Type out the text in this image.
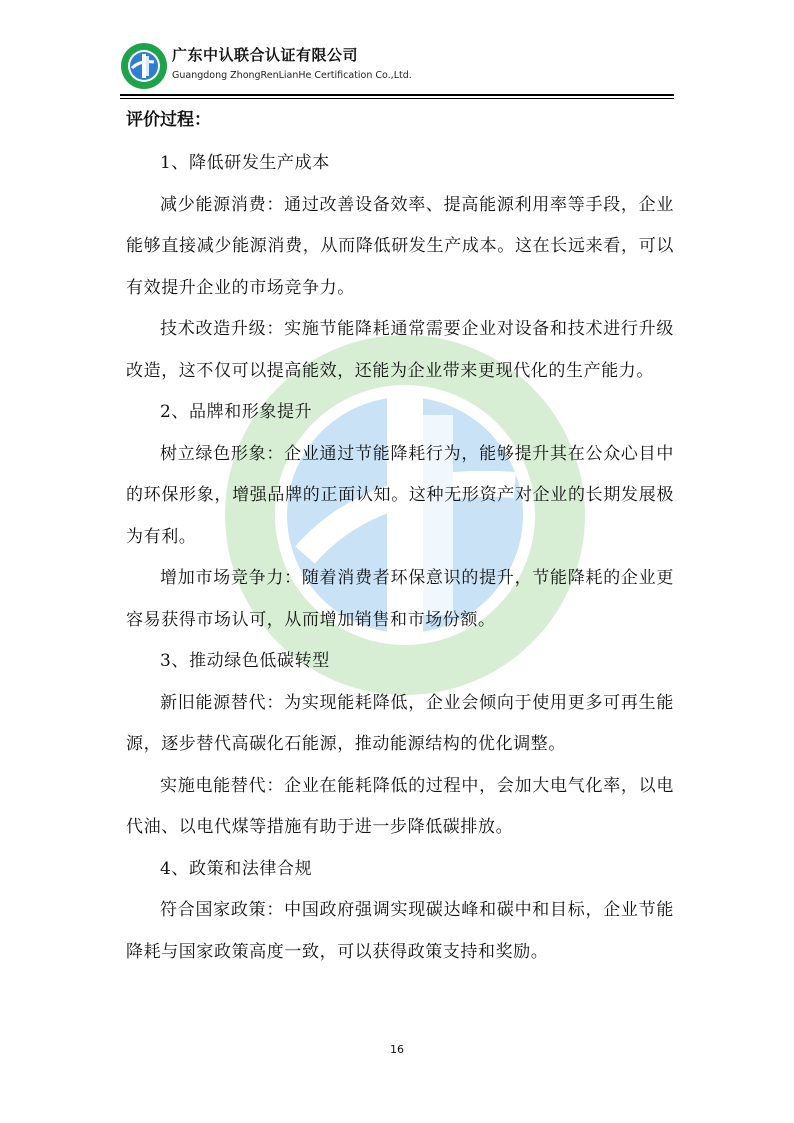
广东中认联合认证有限公司
Guangdong ZhongRenLianHe Certification Co.,Ltd.
评价过程：

1、降低研发生产成本

减少能源消费：通过改善设备效率、提高能源利用率等手段，企业能够直接减少能源消费，从而降低研发生产成本。这在长远来看，可以有效提升企业的市场竞争力。

技术改造升级：实施节能降耗通常需要企业对设备和技术进行升级改造，这不仅可以提高能效，还能为企业带来更现代化的生产能力。

2、品牌和形象提升

树立绿色形象：企业通过节能降耗行为，能够提升其在公众心目中的环保形象，增强品牌的正面认知。这种无形资产对企业的长期发展极为有利。

增加市场竞争力：随着消费者环保意识的提升，节能降耗的企业更容易获得市场认可，从而增加销售和市场份额。

3、推动绿色低碳转型

新旧能源替代：为实现能耗降低，企业会倾向于使用更多可再生能源，逐步替代高碳化石能源，推动能源结构的优化调整。

实施电能替代：企业在能耗降低的过程中，会加大电气化率，以电代油、以电代煤等措施有助于进一步降低碳排放。

4、政策和法律合规

符合国家政策：中国政府强调实现碳达峰和碳中和目标，企业节能降耗与国家政策高度一致，可以获得政策支持和奖励。

16
